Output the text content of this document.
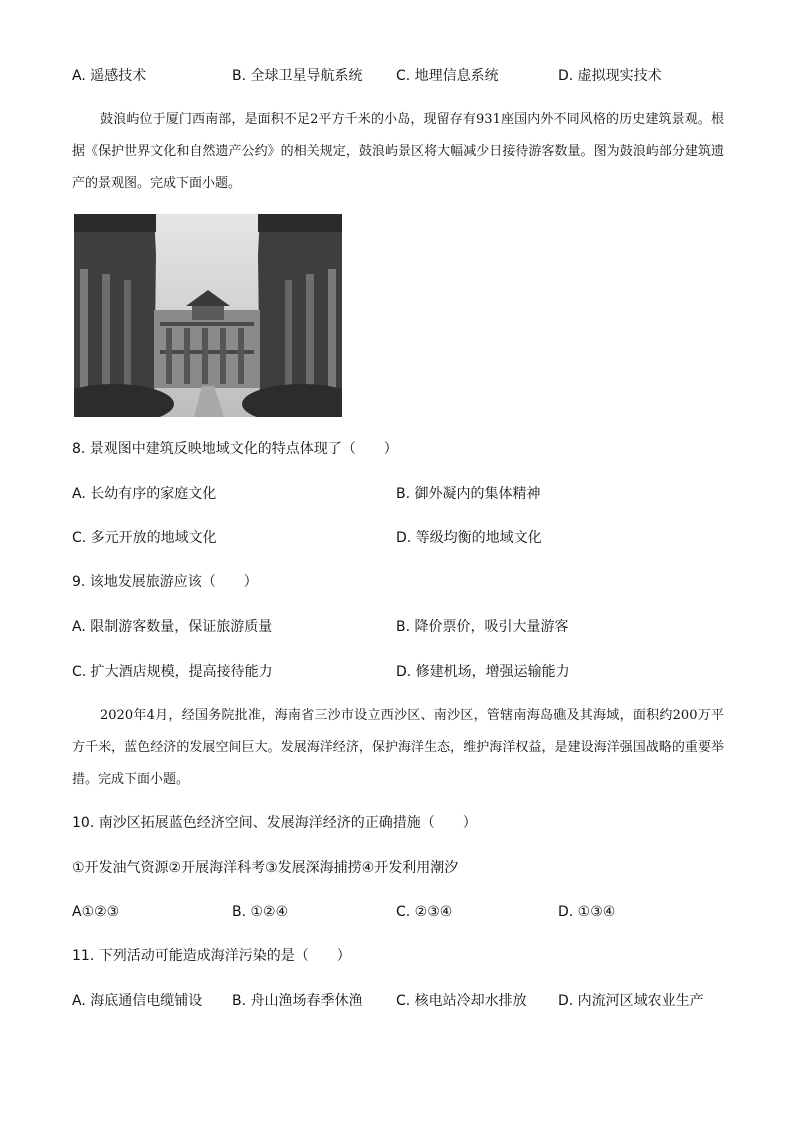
A. 遥感技术	B. 全球卫星导航系统 C. 地理信息系统	D. 虚拟现实技术
鼓浪屿位于厦门西南部，是面积不足2平方千米的小岛，现留存有931座国内外不同风格的历史建筑景观。根据《保护世界文化和自然遗产公约》的相关规定，鼓浪屿景区将大幅减少日接待游客数量。图为鼓浪屿部分建筑遗产的景观图。完成下面小题。
8. 景观图中建筑反映地域文化的特点体现了（　　）
A. 长幼有序的家庭文化	B. 御外凝内的集体精神
C. 多元开放的地域文化	D. 等级均衡的地域文化
9. 该地发展旅游应该（　　）
A. 限制游客数量，保证旅游质量	B. 降价票价，吸引大量游客
C. 扩大酒店规模，提高接待能力	D. 修建机场，增强运输能力
2020年4月，经国务院批准，海南省三沙市设立西沙区、南沙区，管辖南海岛礁及其海域，面积约200万平方千米，蓝色经济的发展空间巨大。发展海洋经济，保护海洋生态，维护海洋权益，是建设海洋强国战略的重要举措。完成下面小题。
10. 南沙区拓展蓝色经济空间、发展海洋经济的正确措施（　　）
①开发油气资源②开展海洋科考③发展深海捕捞④开发利用潮汐
A①②③	B. ①②④	C. ②③④	D. ①③④
11. 下列活动可能造成海洋污染的是（　　）
A. 海底通信电缆铺设 B. 舟山渔场春季休渔 C. 核电站冷却水排放 D. 内流河区域农业生产
